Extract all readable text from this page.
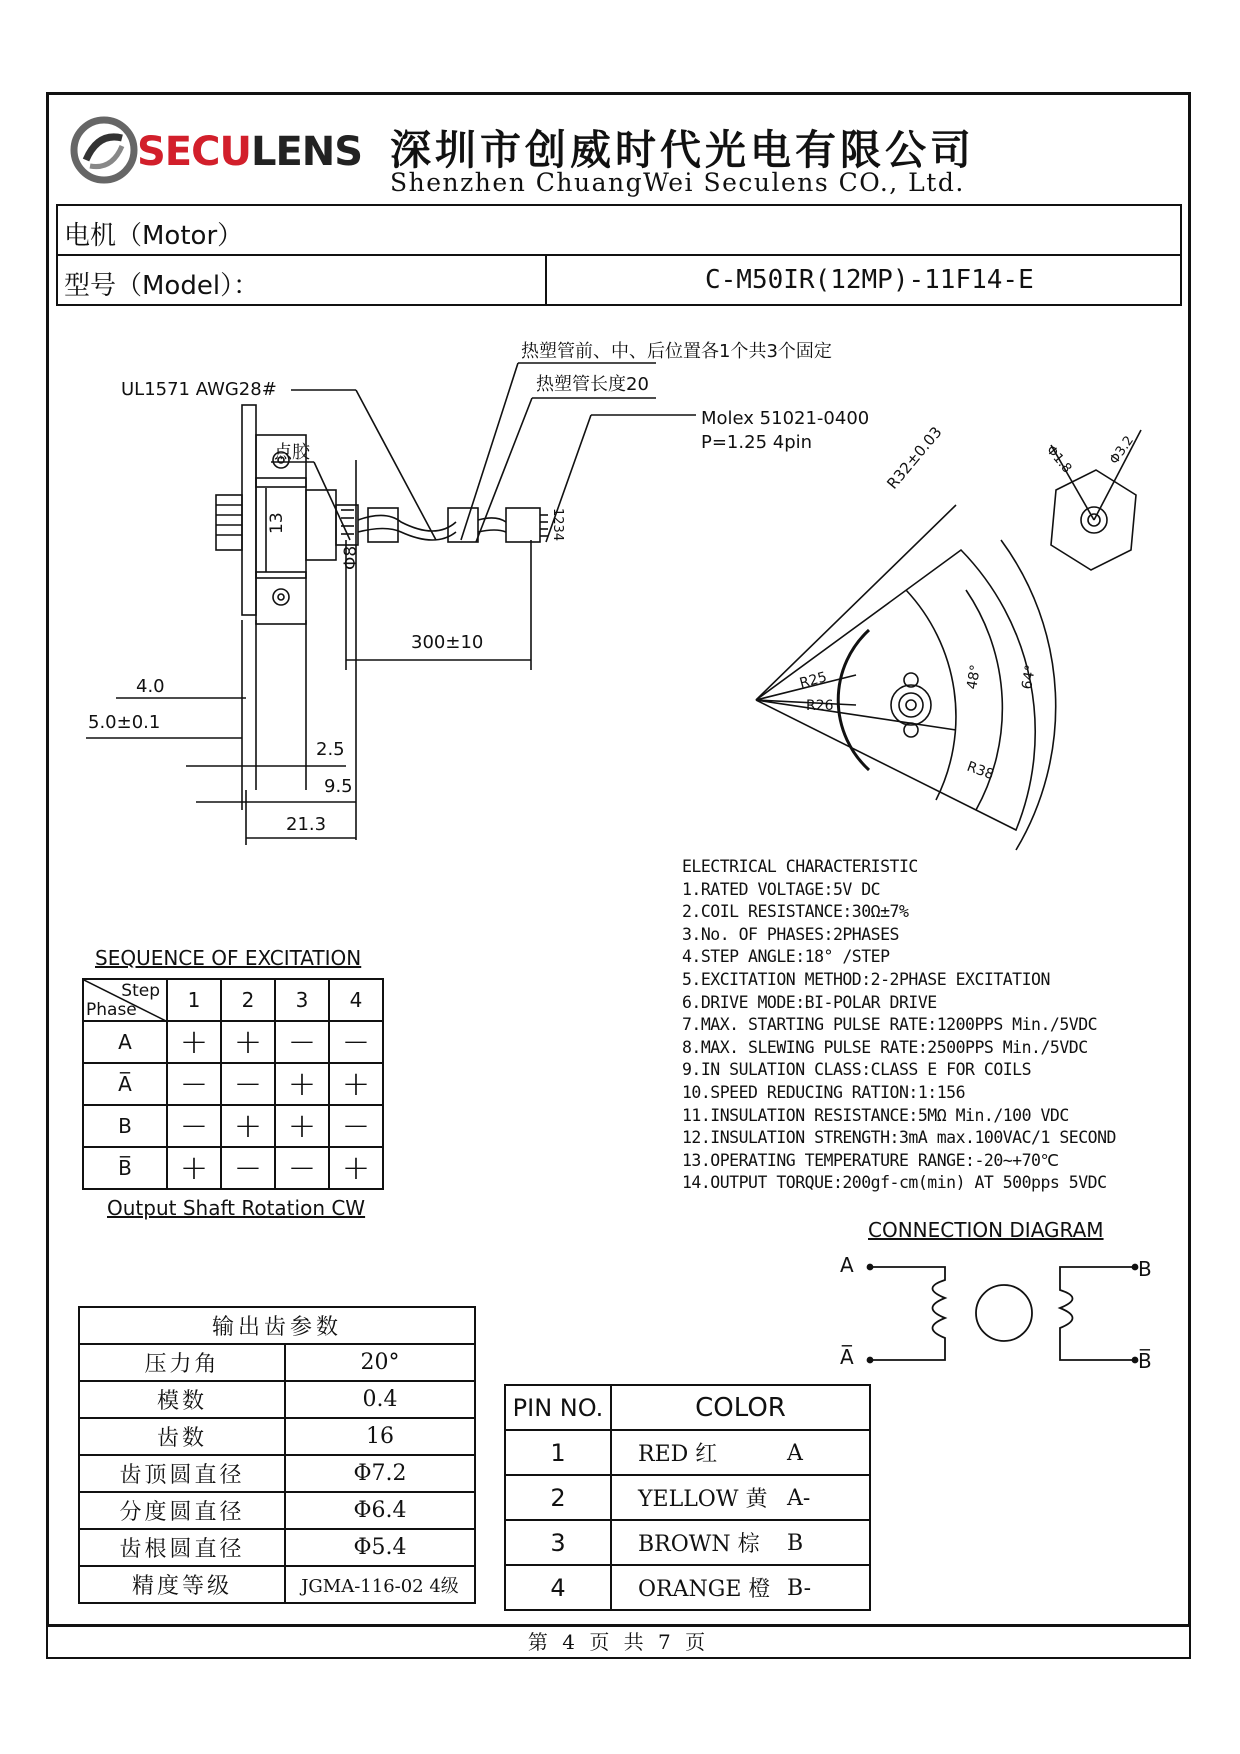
SECULENS 深圳市创威时代光电有限公司
Shenzhen ChuangWei Seculens CO., Ltd.
电机（Motor）
型号（Model）：	C-M50IR(12MP)-11F14-E
UL1571 AWG28#
点胶
热塑管前、中、后位置各1个共3个固定
热塑管长度20
Molex 51021-0400
P=1.25 4pin
1234
13
Φ8
300±10
4.0
5.0±0.1
2.5
9.5
21.3
R32±0.03
R25
R26
R38
48° 64°
Φ1.8	Φ3.2
ELECTRICAL CHARACTERISTIC
1.RATED VOLTAGE:5V DC
2.COIL RESISTANCE:30Ω±7%
3.No. OF PHASES:2PHASES
4.STEP ANGLE:18° /STEP
5.EXCITATION METHOD:2-2PHASE EXCITATION
6.DRIVE MODE:BI-POLAR DRIVE
7.MAX. STARTING PULSE RATE:1200PPS Min./5VDC
8.MAX. SLEWING PULSE RATE:2500PPS Min./5VDC
9.IN SULATION CLASS:CLASS E FOR COILS
10.SPEED REDUCING RATION:1:156
11.INSULATION RESISTANCE:5MΩ Min./100 VDC
12.INSULATION STRENGTH:3mA max.100VAC/1 SECOND
13.OPERATING TEMPERATURE RANGE:-20~+70℃
14.OUTPUT TORQUE:200gf-cm(min) AT 500pps 5VDC
SEQUENCE OF EXCITATION
Step
Phase	1	2	3	4
A	+	+	−	−
A̅	−	−	+	+
B	−	+	+	−
B̅	+	−	−	+
Output Shaft Rotation CW
CONNECTION DIAGRAM
A
A̅
B
B̅
输出齿参数	
压力角	20°
模数	0.4
齿数	16
齿顶圆直径	Φ7.2
分度圆直径	Φ6.4
齿根圆直径	Φ5.4
精度等级	JGMA-116-02 4级
PIN NO.	COLOR
1	RED 红 A

2	YELLOW 黄 A-

3	BROWN 棕 B

4	ORANGE 橙 B-
第 4 页 共 7 页
